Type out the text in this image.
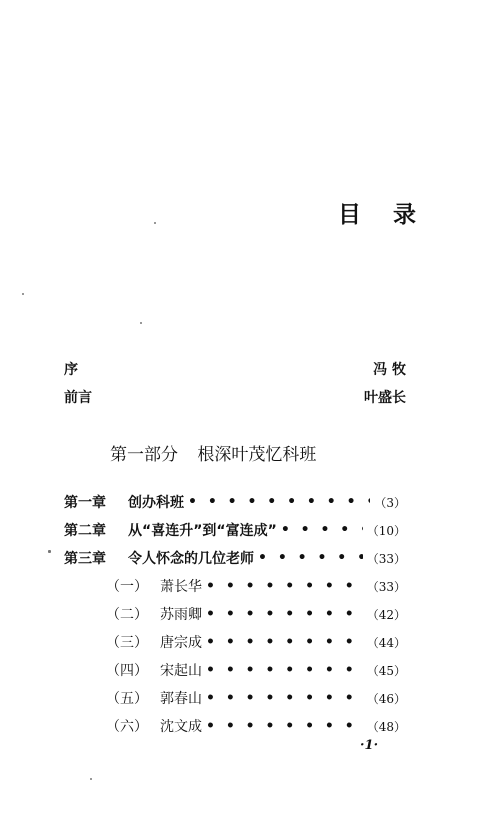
目 录
序	冯 牧
前言	叶盛长
第一部分 根深叶茂忆科班
第一章	创办科班 • • •	（3）
第二章	从“喜连升”到“富连成” • • •	（10）
第三章	令人怀念的几位老师 • • •	（33）
（一） 萧长华 • • •	（33）
（二） 苏雨卿 • • •	（42）
（三） 唐宗成 • • •	（44）
（四） 宋起山 • • •	（45）
（五） 郭春山 • • •	（46）
（六） 沈文成 • • •	（48）
·1·
